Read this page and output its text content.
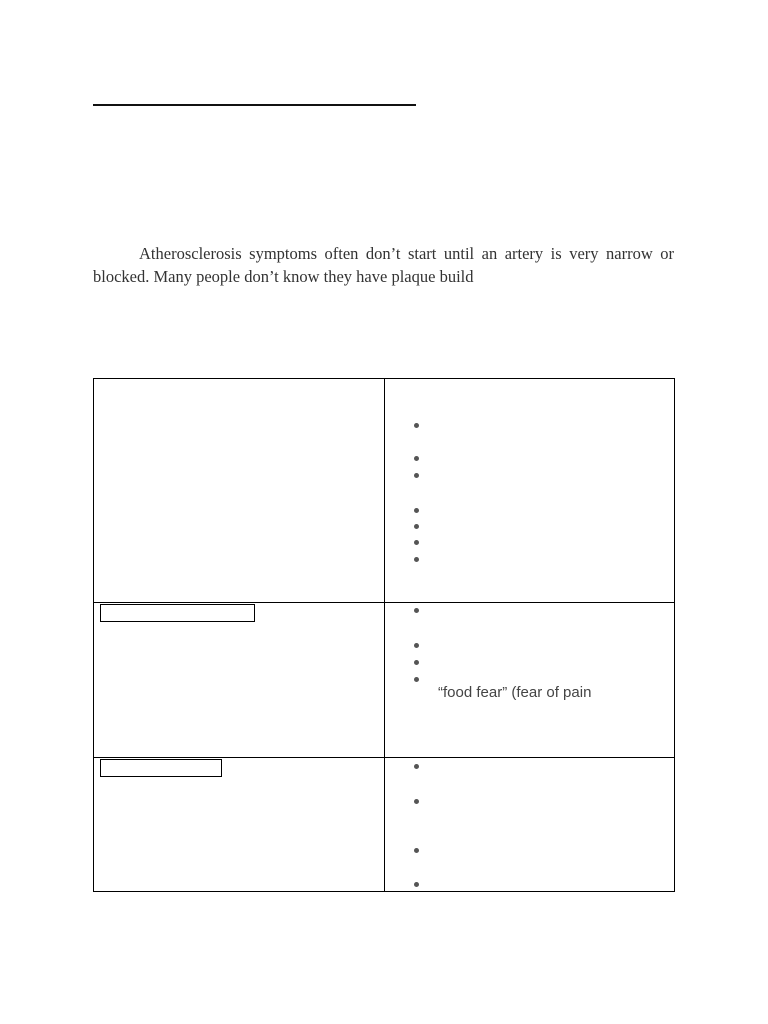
Atherosclerosis symptoms often don’t start until an artery is very narrow or blocked. Many people don’t know they have plaque build

“food fear” (fear of pain
